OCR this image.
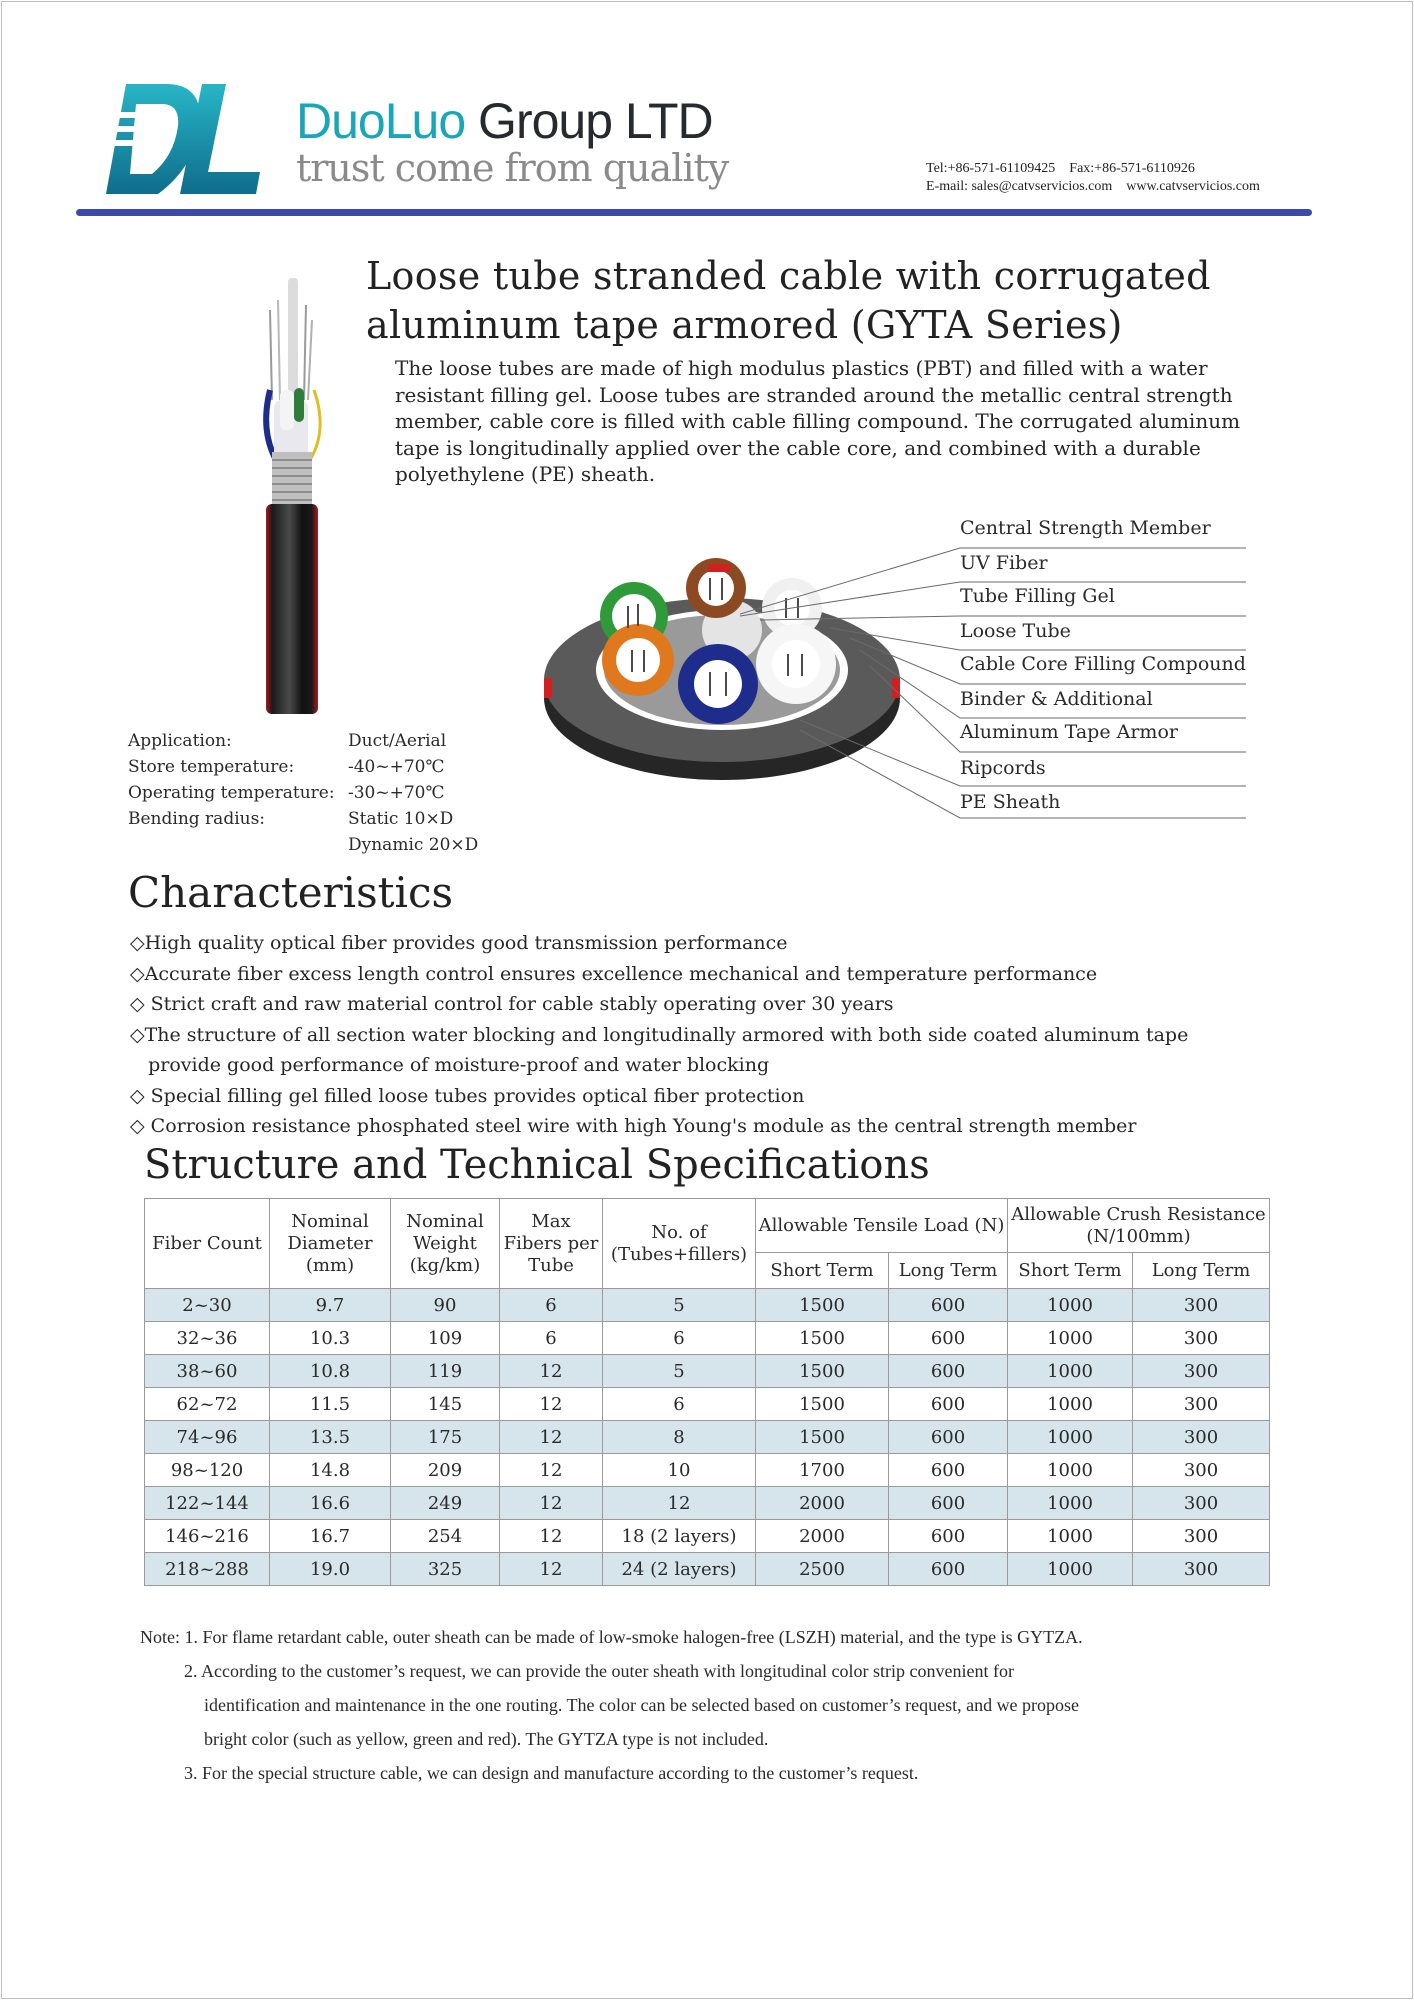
DuoLuo Group LTD
trust come from quality	Tel:+86-571-61109425 Fax:+86-571-6110926
E-mail: sales@catvservicios.com www.catvservicios.com
Loose tube stranded cable with corrugated
aluminum tape armored (GYTA Series)
The loose tubes are made of high modulus plastics (PBT) and filled with a water resistant filling gel. Loose tubes are stranded around the metallic central strength member, cable core is filled with cable filling compound. The corrugated aluminum tape is longitudinally applied over the cable core, and combined with a durable polyethylene (PE) sheath.
Central Strength Member
UV Fiber
Tube Filling Gel
Loose Tube
Cable Core Filling Compound
Binder & Additional
Aluminum Tape Armor
Ripcords
PE Sheath
Application:	Duct/Aerial
Store temperature:	-40~+70℃
Operating temperature: -30~+70℃
Bending radius:	Static 10×D
Dynamic 20×D
Characteristics
◇High quality optical fiber provides good transmission performance
◇Accurate fiber excess length control ensures excellence mechanical and temperature performance
◇ Strict craft and raw material control for cable stably operating over 30 years
◇The structure of all section water blocking and longitudinally armored with both side coated aluminum tape
provide good performance of moisture-proof and water blocking
◇ Special filling gel filled loose tubes provides optical fiber protection
◇ Corrosion resistance phosphated steel wire with high Young's module as the central strength member
Structure and Technical Specifications
Fiber Count	Nominal Diameter (mm)	Nominal Weight (kg/km)	Max Fibers per Tube	No. of (Tubes+fillers)	Allowable Tensile Load (N)		Allowable Crush Resistance (N/100mm)	
					Short Term	Long Term	Short Term	Long Term
2~30	9.7	90	6	5	1500	600	1000	300
32~36	10.3	109	6	6	1500	600	1000	300
38~60	10.8	119	12	5	1500	600	1000	300
62~72	11.5	145	12	6	1500	600	1000	300
74~96	13.5	175	12	8	1500	600	1000	300
98~120	14.8	209	12	10	1700	600	1000	300
122~144	16.6	249	12	12	2000	600	1000	300
146~216	16.7	254	12	18 (2 layers)	2000	600	1000	300
218~288	19.0	325	12	24 (2 layers)	2500	600	1000	300
Note: 1. For flame retardant cable, outer sheath can be made of low-smoke halogen-free (LSZH) material, and the type is GYTZA.
2. According to the customer’s request, we can provide the outer sheath with longitudinal color strip convenient for
identification and maintenance in the one routing. The color can be selected based on customer’s request, and we propose
bright color (such as yellow, green and red). The GYTZA type is not included.
3. For the special structure cable, we can design and manufacture according to the customer’s request.
